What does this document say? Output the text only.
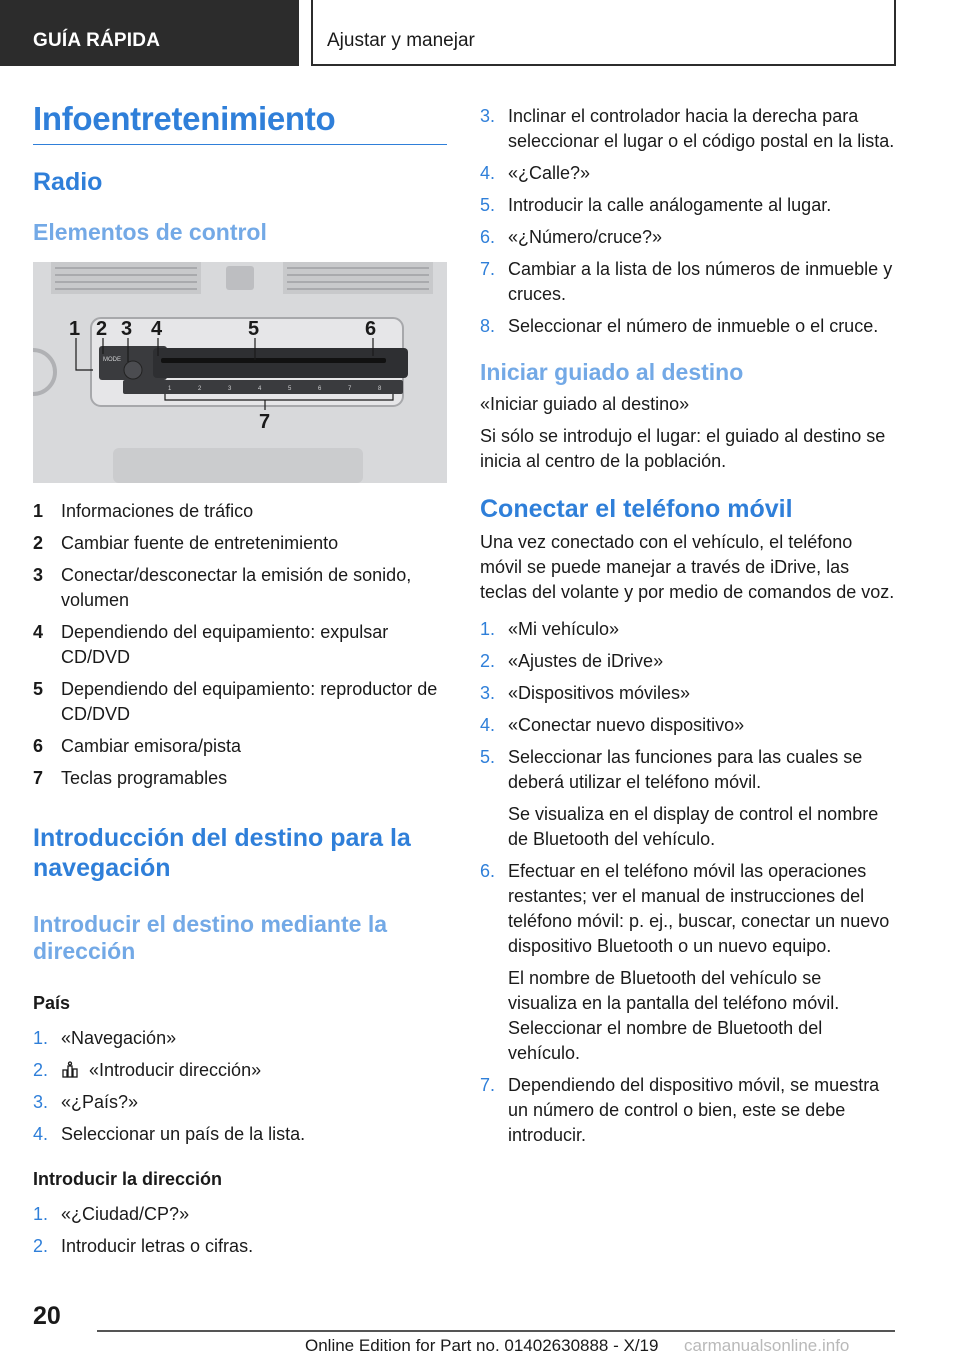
GUÍA RÁPIDA	Ajustar y manejar
Infoentretenimiento
Radio
Elementos de control
1	2	3	4	5	6	7	8
MODE
1 2 3 4	5	6
7
1 Informaciones de tráfico
2 Cambiar fuente de entretenimiento
3 Conectar/desconectar la emisión de sonido, volumen
4 Dependiendo del equipamiento: expulsar CD/DVD
5 Dependiendo del equipamiento: reproductor de CD/DVD
6 Cambiar emisora/pista
7 Teclas programables
Introducción del destino para la navegación
Introducir el destino mediante la dirección
País
1. «Navegación»
2.	«Introducir dirección»
3. «¿País?»
4. Seleccionar un país de la lista.
Introducir la dirección
1. «¿Ciudad/CP?»
2. Introducir letras o cifras.
3. Inclinar el controlador hacia la derecha para seleccionar el lugar o el código postal en la lista.
4. «¿Calle?»
5. Introducir la calle análogamente al lugar.
6. «¿Número/cruce?»
7. Cambiar a la lista de los números de inmueble y cruces.
8. Seleccionar el número de inmueble o el cruce.
Iniciar guiado al destino

«Iniciar guiado al destino»

Si sólo se introdujo el lugar: el guiado al destino se inicia al centro de la población.

Conectar el teléfono móvil

Una vez conectado con el vehículo, el teléfono móvil se puede manejar a través de iDrive, las teclas del volante y por medio de comandos de voz.

1. «Mi vehículo»
2. «Ajustes de iDrive»
3. «Dispositivos móviles»
4. «Conectar nuevo dispositivo»
5. Seleccionar las funciones para las cuales se deberá utilizar el teléfono móvil.

Se visualiza en el display de control el nombre de Bluetooth del vehículo.

6. Efectuar en el teléfono móvil las operaciones restantes; ver el manual de instrucciones del teléfono móvil: p. ej., buscar, conectar un nuevo dispositivo Bluetooth o un nuevo equipo.

El nombre de Bluetooth del vehículo se visualiza en la pantalla del teléfono móvil. Seleccionar el nombre de Bluetooth del vehículo.

7. Dependiendo del dispositivo móvil, se muestra un número de control o bien, este se debe introducir.
20
Online Edition for Part no. 01402630888 - X/19 carmanualsonline.info
